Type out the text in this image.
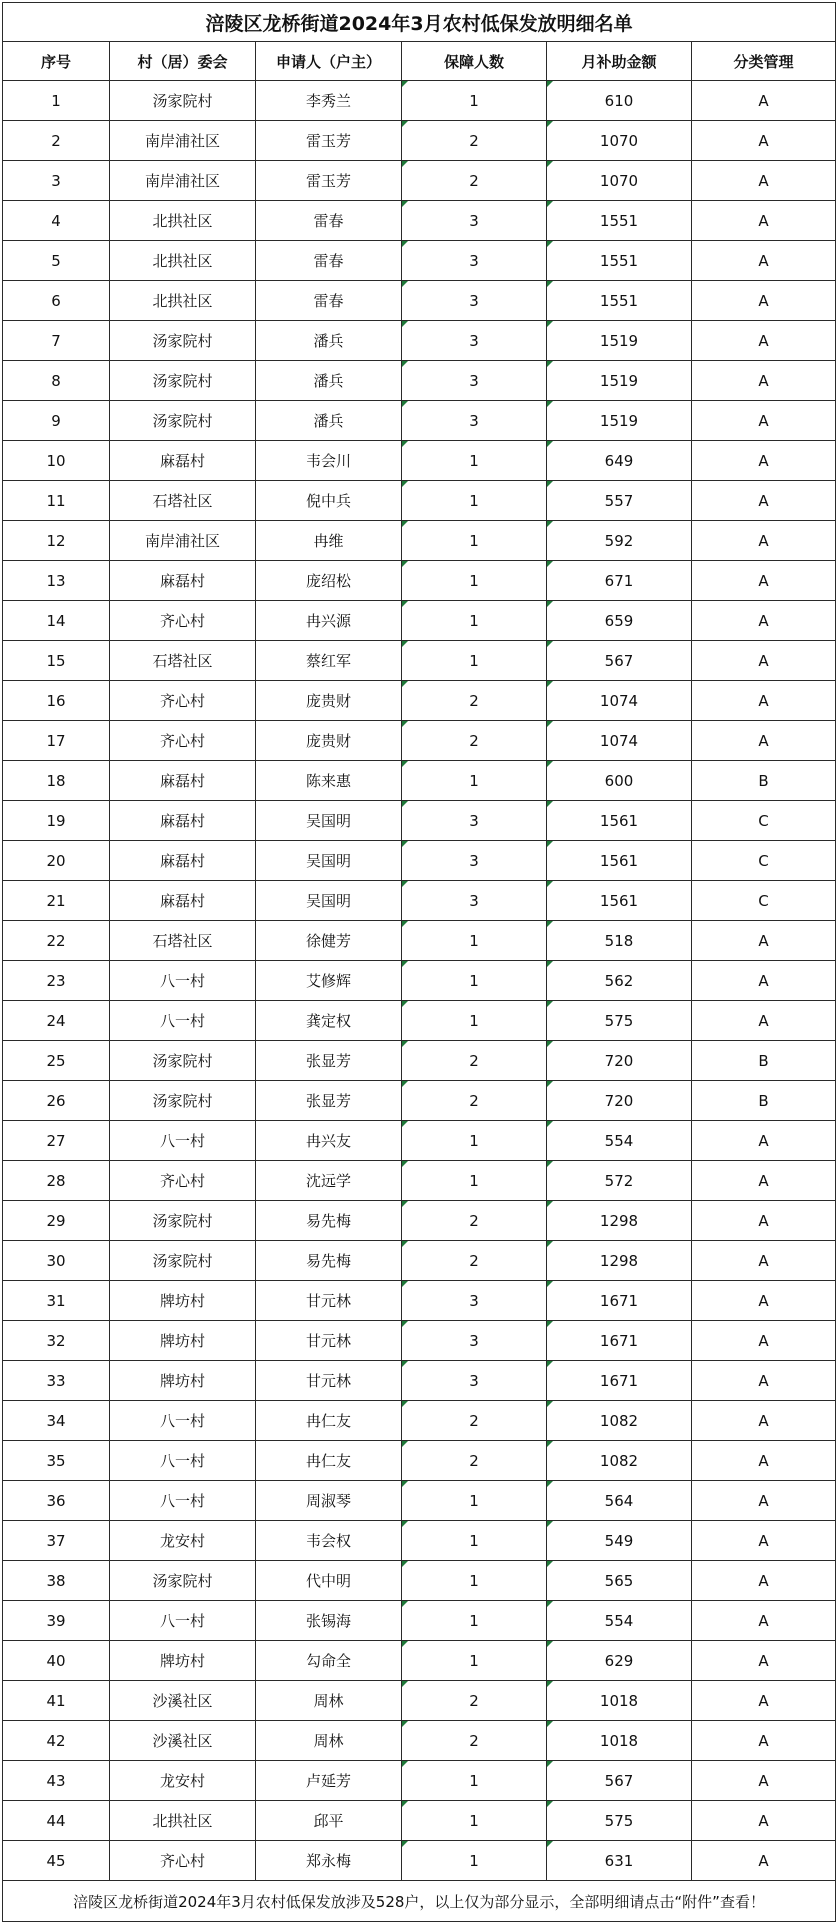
涪陵区龙桥街道2024年3月农村低保发放明细名单					
序号	村（居）委会	申请人（户主）	保障人数	月补助金额	分类管理
1	汤家院村	李秀兰	1	610	A
2	南岸浦社区	雷玉芳	2	1070	A
3	南岸浦社区	雷玉芳	2	1070	A
4	北拱社区	雷春	3	1551	A
5	北拱社区	雷春	3	1551	A
6	北拱社区	雷春	3	1551	A
7	汤家院村	潘兵	3	1519	A
8	汤家院村	潘兵	3	1519	A
9	汤家院村	潘兵	3	1519	A
10	麻磊村	韦会川	1	649	A
11	石塔社区	倪中兵	1	557	A
12	南岸浦社区	冉维	1	592	A
13	麻磊村	庞绍松	1	671	A
14	齐心村	冉兴源	1	659	A
15	石塔社区	蔡红军	1	567	A
16	齐心村	庞贵财	2	1074	A
17	齐心村	庞贵财	2	1074	A
18	麻磊村	陈来惠	1	600	B
19	麻磊村	吴国明	3	1561	C
20	麻磊村	吴国明	3	1561	C
21	麻磊村	吴国明	3	1561	C
22	石塔社区	徐健芳	1	518	A
23	八一村	艾修辉	1	562	A
24	八一村	龚定权	1	575	A
25	汤家院村	张显芳	2	720	B
26	汤家院村	张显芳	2	720	B
27	八一村	冉兴友	1	554	A
28	齐心村	沈远学	1	572	A
29	汤家院村	易先梅	2	1298	A
30	汤家院村	易先梅	2	1298	A
31	牌坊村	甘元林	3	1671	A
32	牌坊村	甘元林	3	1671	A
33	牌坊村	甘元林	3	1671	A
34	八一村	冉仁友	2	1082	A
35	八一村	冉仁友	2	1082	A
36	八一村	周淑琴	1	564	A
37	龙安村	韦会权	1	549	A
38	汤家院村	代中明	1	565	A
39	八一村	张锡海	1	554	A
40	牌坊村	勾命全	1	629	A
41	沙溪社区	周林	2	1018	A
42	沙溪社区	周林	2	1018	A
43	龙安村	卢延芳	1	567	A
44	北拱社区	邱平	1	575	A
45	齐心村	郑永梅	1	631	A
涪陵区龙桥街道2024年3月农村低保发放涉及528户，以上仅为部分显示，全部明细请点击“附件”查看！					
